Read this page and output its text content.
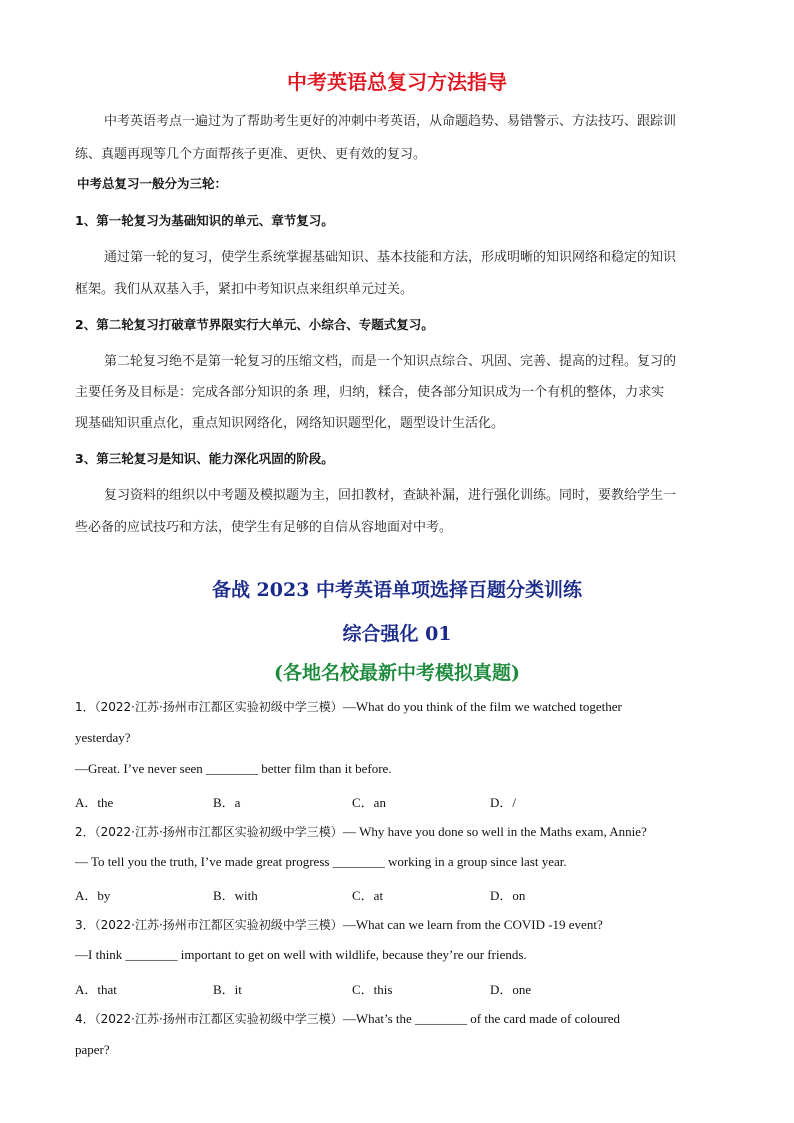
中考英语总复习方法指导
中考英语考点一遍过为了帮助考生更好的冲刺中考英语，从命题趋势、易错警示、方法技巧、跟踪训
练、真题再现等几个方面帮孩子更准、更快、更有效的复习。
中考总复习一般分为三轮：
1、第一轮复习为基础知识的单元、章节复习。
通过第一轮的复习，使学生系统掌握基础知识、基本技能和方法，形成明晰的知识网络和稳定的知识
框架。我们从双基入手，紧扣中考知识点来组织单元过关。
2、第二轮复习打破章节界限实行大单元、小综合、专题式复习。
第二轮复习绝不是第一轮复习的压缩文档，而是一个知识点综合、巩固、完善、提高的过程。复习的
主要任务及目标是：完成各部分知识的条 理，归纳，糅合，使各部分知识成为一个有机的整体，力求实
现基础知识重点化，重点知识网络化，网络知识题型化，题型设计生活化。
3、第三轮复习是知识、能力深化巩固的阶段。
复习资料的组织以中考题及模拟题为主，回扣教材，查缺补漏，进行强化训练。同时，要教给学生一
些必备的应试技巧和方法，使学生有足够的自信从容地面对中考。
备战 2023 中考英语单项选择百题分类训练
综合强化 01
(各地名校最新中考模拟真题)
1．（2022·江苏·扬州市江都区实验初级中学三模）—What do you think of the film we watched together
yesterday?
—Great. I’ve never seen ________ better film than it before.
A．the	B．a	C．an	D．/
2．（2022·江苏·扬州市江都区实验初级中学三模）— Why have you done so well in the Maths exam, Annie?
— To tell you the truth, I’ve made great progress ________ working in a group since last year.
A．by	B．with	C．at	D．on
3．（2022·江苏·扬州市江都区实验初级中学三模）—What can we learn from the COVID -19 event?
—I think ________ important to get on well with wildlife, because they’re our friends.
A．that	B．it	C．this	D．one
4．（2022·江苏·扬州市江都区实验初级中学三模）—What’s the ________ of the card made of coloured
paper?
